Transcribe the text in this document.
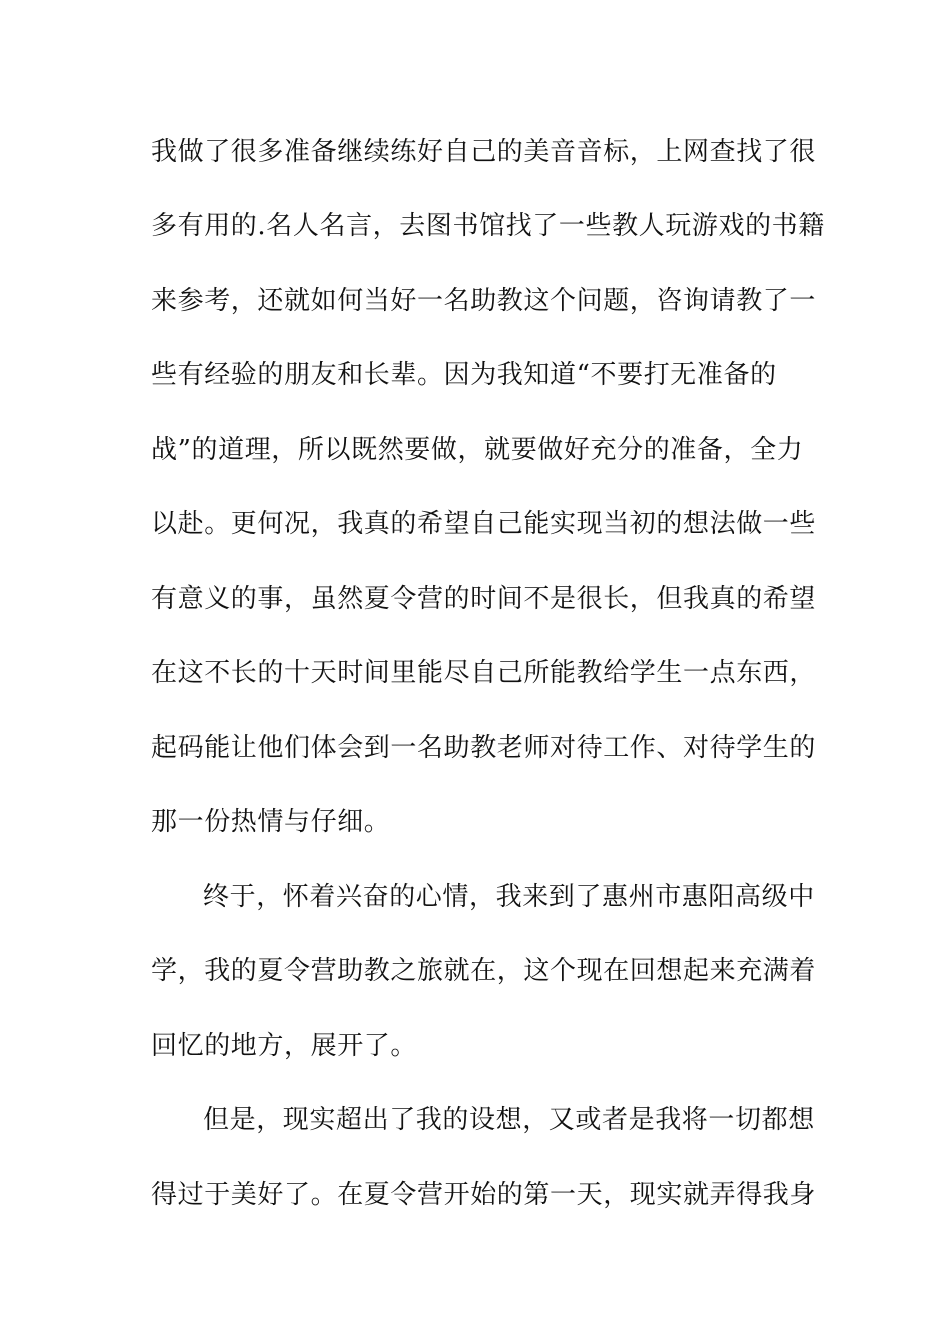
我做了很多准备继续练好自己的美音音标，上网查找了很
多有用的.名人名言，去图书馆找了一些教人玩游戏的书籍
来参考，还就如何当好一名助教这个问题，咨询请教了一
些有经验的朋友和长辈。因为我知道“不要打无准备的
战”的道理，所以既然要做，就要做好充分的准备，全力
以赴。更何况，我真的希望自己能实现当初的想法做一些
有意义的事，虽然夏令营的时间不是很长，但我真的希望
在这不长的十天时间里能尽自己所能教给学生一点东西，
起码能让他们体会到一名助教老师对待工作、对待学生的
那一份热情与仔细。
终于，怀着兴奋的心情，我来到了惠州市惠阳高级中
学，我的夏令营助教之旅就在，这个现在回想起来充满着
回忆的地方，展开了。
但是，现实超出了我的设想，又或者是我将一切都想
得过于美好了。在夏令营开始的第一天，现实就弄得我身
